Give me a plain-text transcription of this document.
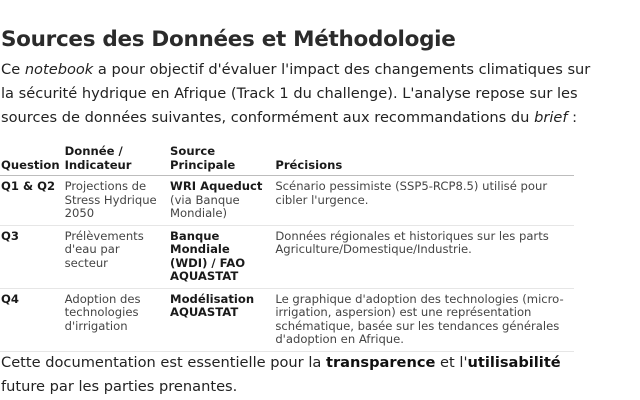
Sources des Données et Méthodologie

Ce notebook a pour objectif d'évaluer l'impact des changements climatiques sur la sécurité hydrique en Afrique (Track 1 du challenge). L'analyse repose sur les sources de données suivantes, conformément aux recommandations du brief :

Question	Donnée / Indicateur	Source Principale	Précisions
Q1 & Q2	Projections de Stress Hydrique 2050	WRI Aqueduct (via Banque Mondiale)	Scénario pessimiste (SSP5-RCP8.5) utilisé pour cibler l'urgence.
Q3	Prélèvements d'eau par secteur	Banque Mondiale (WDI) / FAO AQUASTAT	Données régionales et historiques sur les parts Agriculture/Domestique/Industrie.
Q4	Adoption des technologies d'irrigation	Modélisation AQUASTAT	Le graphique d'adoption des technologies (micro-irrigation, aspersion) est une représentation schématique, basée sur les tendances générales d'adoption en Afrique.

Cette documentation est essentielle pour la transparence et l'utilisabilité future par les parties prenantes.
